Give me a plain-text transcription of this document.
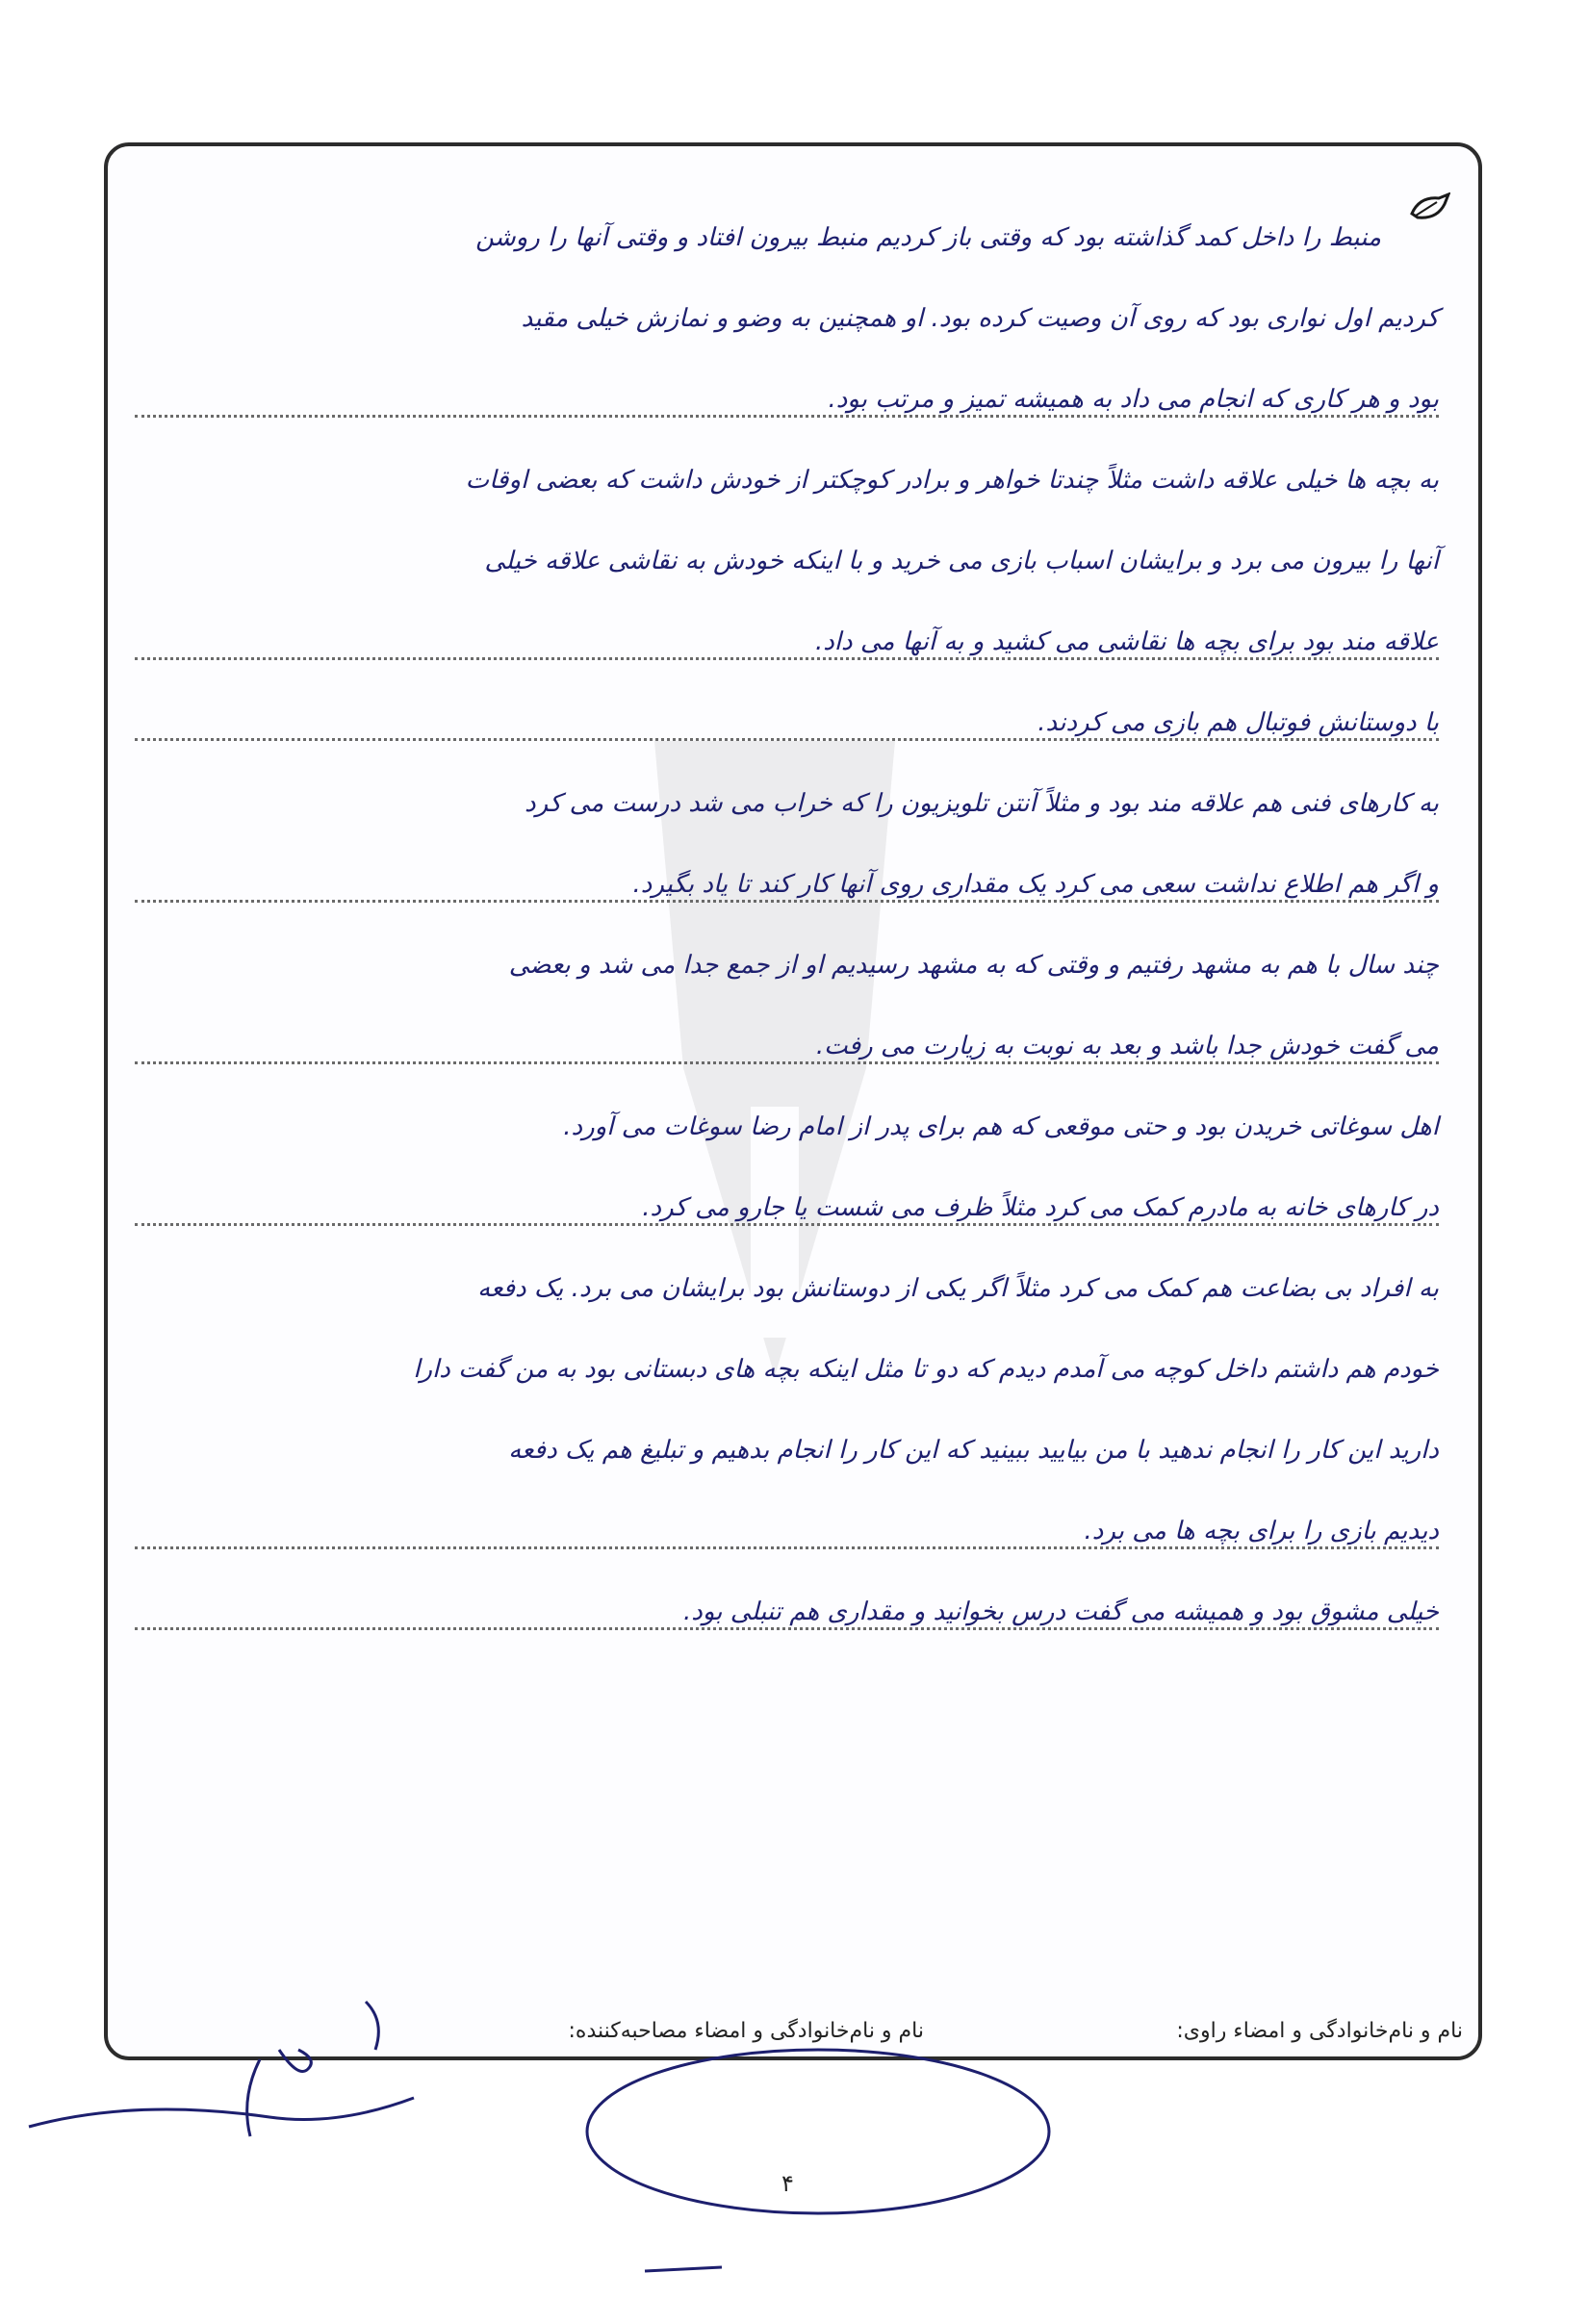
منبط را داخل کمد گذاشته بود که وقتی باز کردیم منبط بیرون افتاد و وقتی آنها را روشن
کردیم اول نواری بود که روی آن وصیت کرده بود. او همچنین به وضو و نمازش خیلی مقید
بود و هر کاری که انجام می داد به همیشه تمیز و مرتب بود.
به بچه ها خیلی علاقه داشت مثلاً چندتا خواهر و برادر کوچکتر از خودش داشت که بعضی اوقات
آنها را بیرون می برد و برایشان اسباب بازی می خرید و با اینکه خودش به نقاشی علاقه خیلی
علاقه مند بود برای بچه ها نقاشی می کشید و به آنها می داد.
با دوستانش فوتبال هم بازی می کردند.
به کارهای فنی هم علاقه مند بود و مثلاً آنتن تلویزیون را که خراب می شد درست می کرد
و اگر هم اطلاع نداشت سعی می کرد یک مقداری روی آنها کار کند تا یاد بگیرد.
چند سال با هم به مشهد رفتیم و وقتی که به مشهد رسیدیم او از جمع جدا می شد و بعضی
می گفت خودش جدا باشد و بعد به نوبت به زیارت می رفت.
اهل سوغاتی خریدن بود و حتی موقعی که هم برای پدر از امام رضا سوغات می آورد.
در کارهای خانه به مادرم کمک می کرد مثلاً ظرف می شست یا جارو می کرد.
به افراد بی بضاعت هم کمک می کرد مثلاً اگر یکی از دوستانش بود برایشان می برد. یک دفعه
خودم هم داشتم داخل کوچه می آمدم دیدم که دو تا مثل اینکه بچه های دبستانی بود به من گفت دارا
دارید این کار را انجام ندهید با من بیایید ببینید که این کار را انجام بدهیم و تبلیغ هم یک دفعه
دیدیم بازی را برای بچه ها می برد.
خیلی مشوق بود و همیشه می گفت درس بخوانید و مقداری هم تنبلی بود.
نام و نام‌خانوادگی و امضاء راوی:
نام و نام‌خانوادگی و امضاء مصاحبه‌کننده:
۴
